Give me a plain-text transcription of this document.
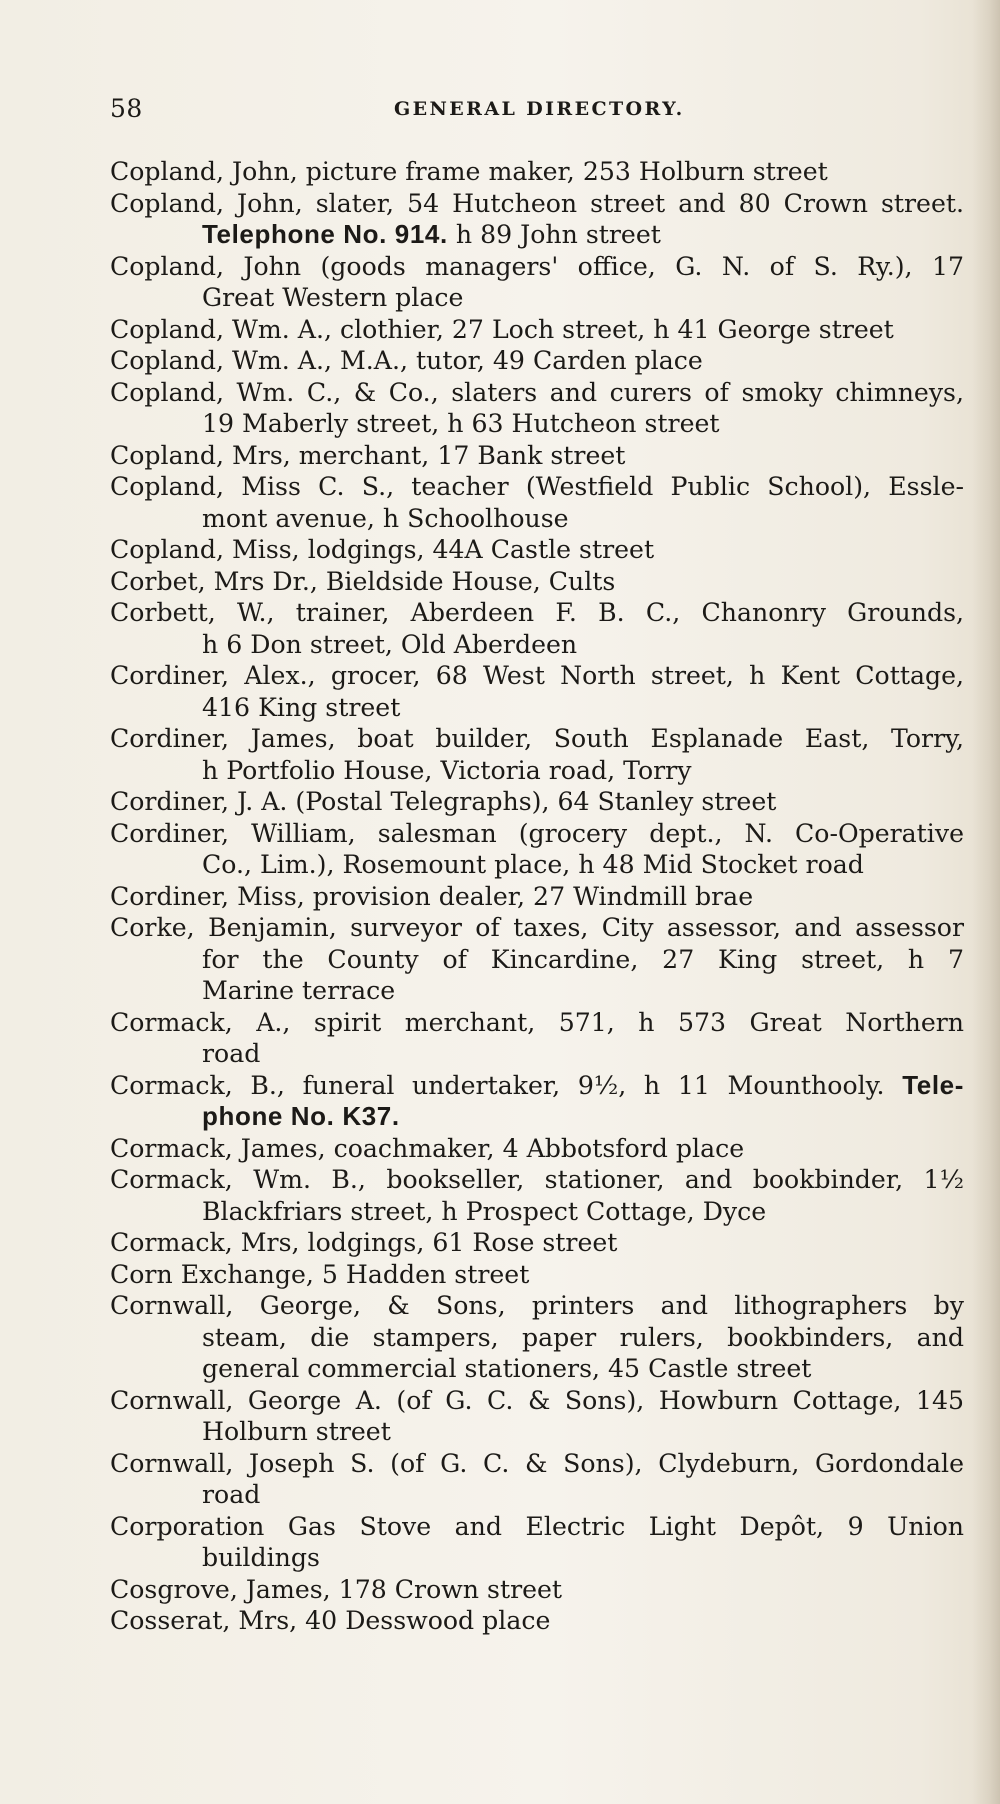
58	GENERAL DIRECTORY.
Copland, John, picture frame maker, 253 Holburn street
Copland, John, slater, 54 Hutcheon street and 80 Crown street.
Telephone No. 914. h 89 John street
Copland, John (goods managers' office, G. N. of S. Ry.), 17
Great Western place
Copland, Wm. A., clothier, 27 Loch street, h 41 George street
Copland, Wm. A., M.A., tutor, 49 Carden place
Copland, Wm. C., & Co., slaters and curers of smoky chimneys,
19 Maberly street, h 63 Hutcheon street
Copland, Mrs, merchant, 17 Bank street
Copland, Miss C. S., teacher (Westfield Public School), Essle-
mont avenue, h Schoolhouse
Copland, Miss, lodgings, 44A Castle street
Corbet, Mrs Dr., Bieldside House, Cults
Corbett, W., trainer, Aberdeen F. B. C., Chanonry Grounds,
h 6 Don street, Old Aberdeen
Cordiner, Alex., grocer, 68 West North street, h Kent Cottage,
416 King street
Cordiner, James, boat builder, South Esplanade East, Torry,
h Portfolio House, Victoria road, Torry
Cordiner, J. A. (Postal Telegraphs), 64 Stanley street
Cordiner, William, salesman (grocery dept., N. Co-Operative
Co., Lim.), Rosemount place, h 48 Mid Stocket road
Cordiner, Miss, provision dealer, 27 Windmill brae
Corke, Benjamin, surveyor of taxes, City assessor, and assessor
for the County of Kincardine, 27 King street, h 7
Marine terrace
Cormack, A., spirit merchant, 571, h 573 Great Northern
road
Cormack, B., funeral undertaker, 9½, h 11 Mounthooly. Tele-
phone No. K37.
Cormack, James, coachmaker, 4 Abbotsford place
Cormack, Wm. B., bookseller, stationer, and bookbinder, 1½
Blackfriars street, h Prospect Cottage, Dyce
Cormack, Mrs, lodgings, 61 Rose street
Corn Exchange, 5 Hadden street
Cornwall, George, & Sons, printers and lithographers by
steam, die stampers, paper rulers, bookbinders, and
general commercial stationers, 45 Castle street
Cornwall, George A. (of G. C. & Sons), Howburn Cottage, 145
Holburn street
Cornwall, Joseph S. (of G. C. & Sons), Clydeburn, Gordondale
road
Corporation Gas Stove and Electric Light Depôt, 9 Union
buildings
Cosgrove, James, 178 Crown street
Cosserat, Mrs, 40 Desswood place
